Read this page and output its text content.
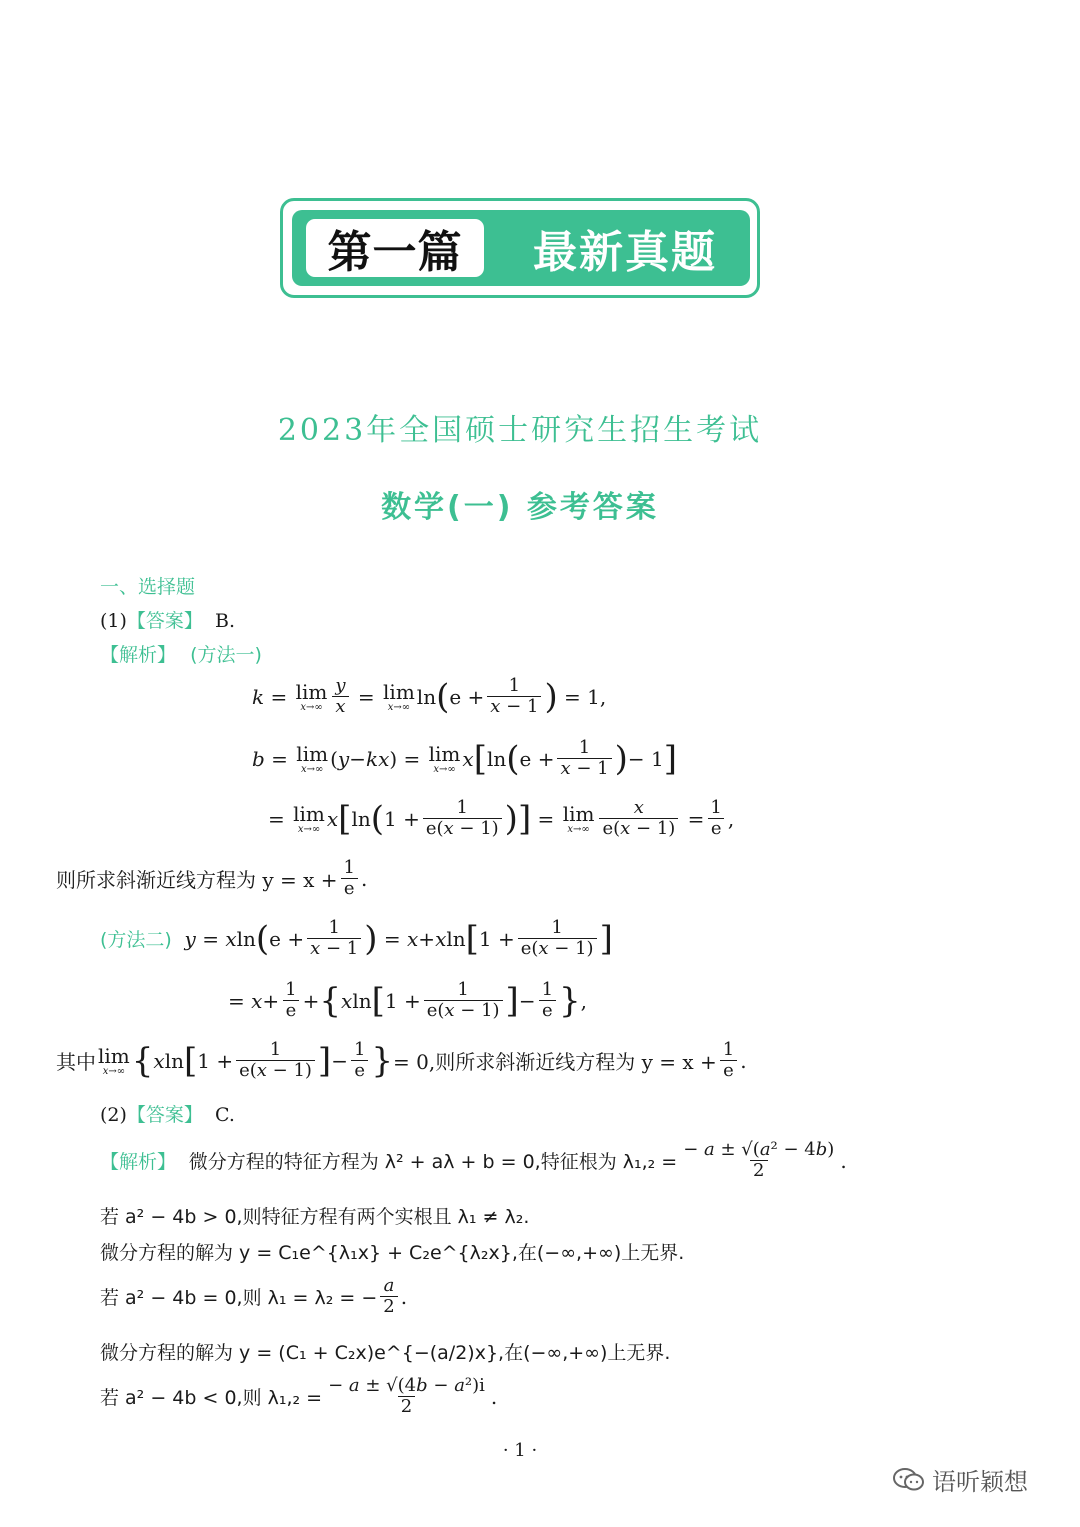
第一篇	最新真题
2023年全国硕士研究生招生考试
数学(一) 参考答案
一、选择题
(1)【答案】 B.
【解析】 (方法一)
k = lim
$x\to\infty \frac{y}{x} = \lim$
x→∞ ln ( $e + \frac{1}{x - 1}$ ) = 1,
b = lim
x→∞ ( y − kx ) = lim
x→∞ x [ ln ( $e + \frac{1}{x - 1}$ ) − 1 ]
= lim
x→∞ x [ ln ( $1 + \frac{1}{e(x - 1)}$ ) ] = lim
$x\to\infty \frac{x}{e(x - 1)} = \frac{1}{e}$ ,
则所求斜渐近线方程为 $y = x + \frac{1}{e}$ .
(方法二)
y = x ln ( $e + \frac{1}{x - 1}$ ) = x + x ln [ $1 + \frac{1}{e(x - 1)}$ ]
= $x + \frac{1}{e}$ + { x ln [ $1 + \frac{1}{e(x - 1)}$ ] − $\frac{1}{e}$ } ,
其中 lim
x→∞ { x ln [ $1 + \frac{1}{e(x - 1)}$ ] − $\frac{1}{e}$ } = 0,则所求斜渐近线方程为 $y = x + \frac{1}{e}$ .
(2)【答案】 C.
【解析】
微分方程的特征方程为 λ² + aλ + b = 0,特征根为 $\lambda_1,_2 = \frac{\text{− a ± √(a² − 4b)}}{2}$ .
若 a² − 4b > 0,则特征方程有两个实根且 λ₁ ≠ λ₂.
微分方程的解为 y = C₁e^{λ₁x} + C₂e^{λ₂x},在(−∞,+∞)上无界.
若 a² − 4b = 0,则 λ₁ = λ₂ = − $\frac{a}{2}$ .
微分方程的解为 y = (C₁ + C₂x)e^{−(a/2)x},在(−∞,+∞)上无界.
若 a² − 4b < 0,则 $\lambda_1,_2 = \frac{\text{− a ± √(4b − a²)i}}{2}$ .
· 1 ·
语听颖想
